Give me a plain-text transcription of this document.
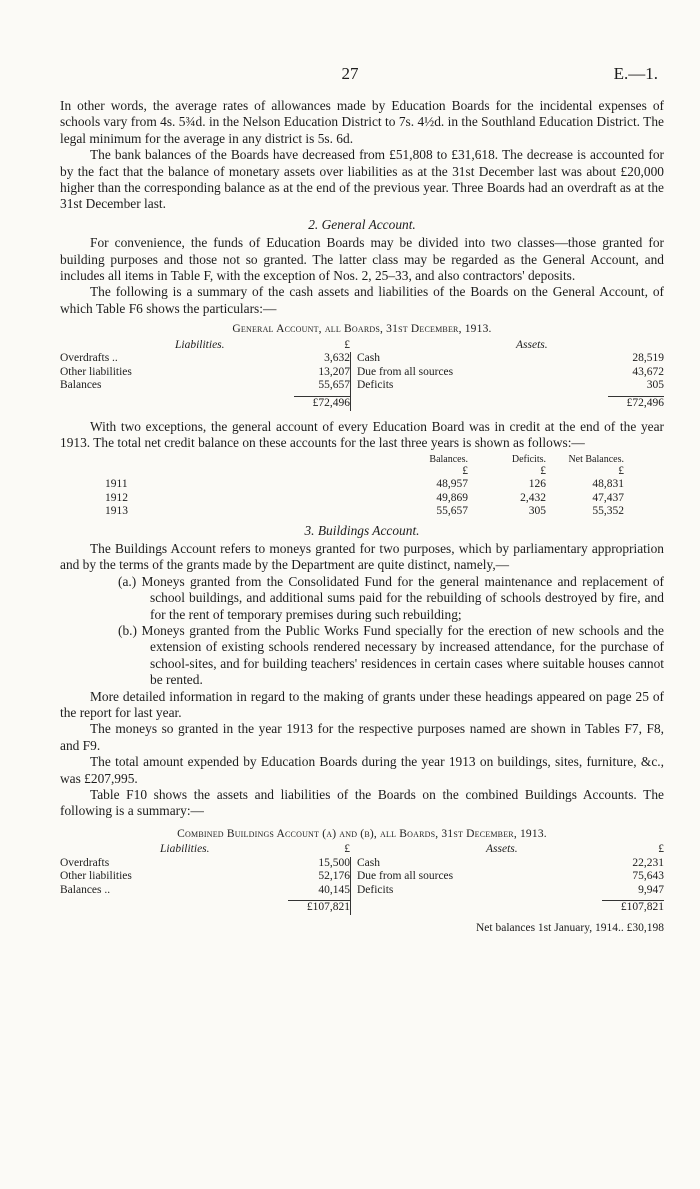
27	E.—1.

In other words, the average rates of allowances made by Education Boards for the incidental expenses of schools vary from 4s. 5¾d. in the Nelson Education District to 7s. 4½d. in the Southland Education District. The legal minimum for the average in any district is 5s. 6d.

The bank balances of the Boards have decreased from £51,808 to £31,618. The decrease is accounted for by the fact that the balance of monetary assets over liabilities as at the 31st December last was about £20,000 higher than the corresponding balance as at the end of the previous year. Three Boards had an overdraft as at the 31st December last.

2. General Account.

For convenience, the funds of Education Boards may be divided into two classes—those granted for building purposes and those not so granted. The latter class may be regarded as the General Account, and includes all items in Table F, with the exception of Nos. 2, 25–33, and also contractors' deposits.

The following is a summary of the cash assets and liabilities of the Boards on the General Account, of which Table F6 shows the particulars:—

General Account, all Boards, 31st December, 1913.
Liabilities.	£	Assets.
Overdrafts ..	3,632 Cash	28,519
Other liabilities	13,207 Due from all sources	43,672
Balances	55,657 Deficits	305
£72,496	£72,496

With two exceptions, the general account of every Education Board was in credit at the end of the year 1913. The total net credit balance on these accounts for the last three years is shown as follows:—

Balances.	Deficits.	Net Balances.
£	£	£
1911	48,957	126	48,831
1912	49,869	2,432	47,437
1913	55,657	305	55,352
3. Buildings Account.

The Buildings Account refers to moneys granted for two purposes, which by parliamentary appropriation and by the terms of the grants made by the Department are quite distinct, namely,—

(a.) Moneys granted from the Consolidated Fund for the general maintenance and replacement of school buildings, and additional sums paid for the rebuilding of schools destroyed by fire, and for the rent of temporary premises during such rebuilding;

(b.) Moneys granted from the Public Works Fund specially for the erection of new schools and the extension of existing schools rendered necessary by increased attendance, for the purchase of school-sites, and for building teachers' residences in certain cases where suitable houses cannot be rented.

More detailed information in regard to the making of grants under these headings appeared on page 25 of the report for last year.

The moneys so granted in the year 1913 for the respective purposes named are shown in Tables F7, F8, and F9.

The total amount expended by Education Boards during the year 1913 on buildings, sites, furniture, &c., was £207,995.

Table F10 shows the assets and liabilities of the Boards on the combined Buildings Accounts. The following is a summary:—

Combined Buildings Account (a) and (b), all Boards, 31st December, 1913.
Liabilities.	£	Assets.	£
Overdrafts	15,500 Cash	22,231
Other liabilities	52,176 Due from all sources	75,643
Balances ..	40,145 Deficits	9,947
£107,821	£107,821
Net balances 1st January, 1914.. £30,198
